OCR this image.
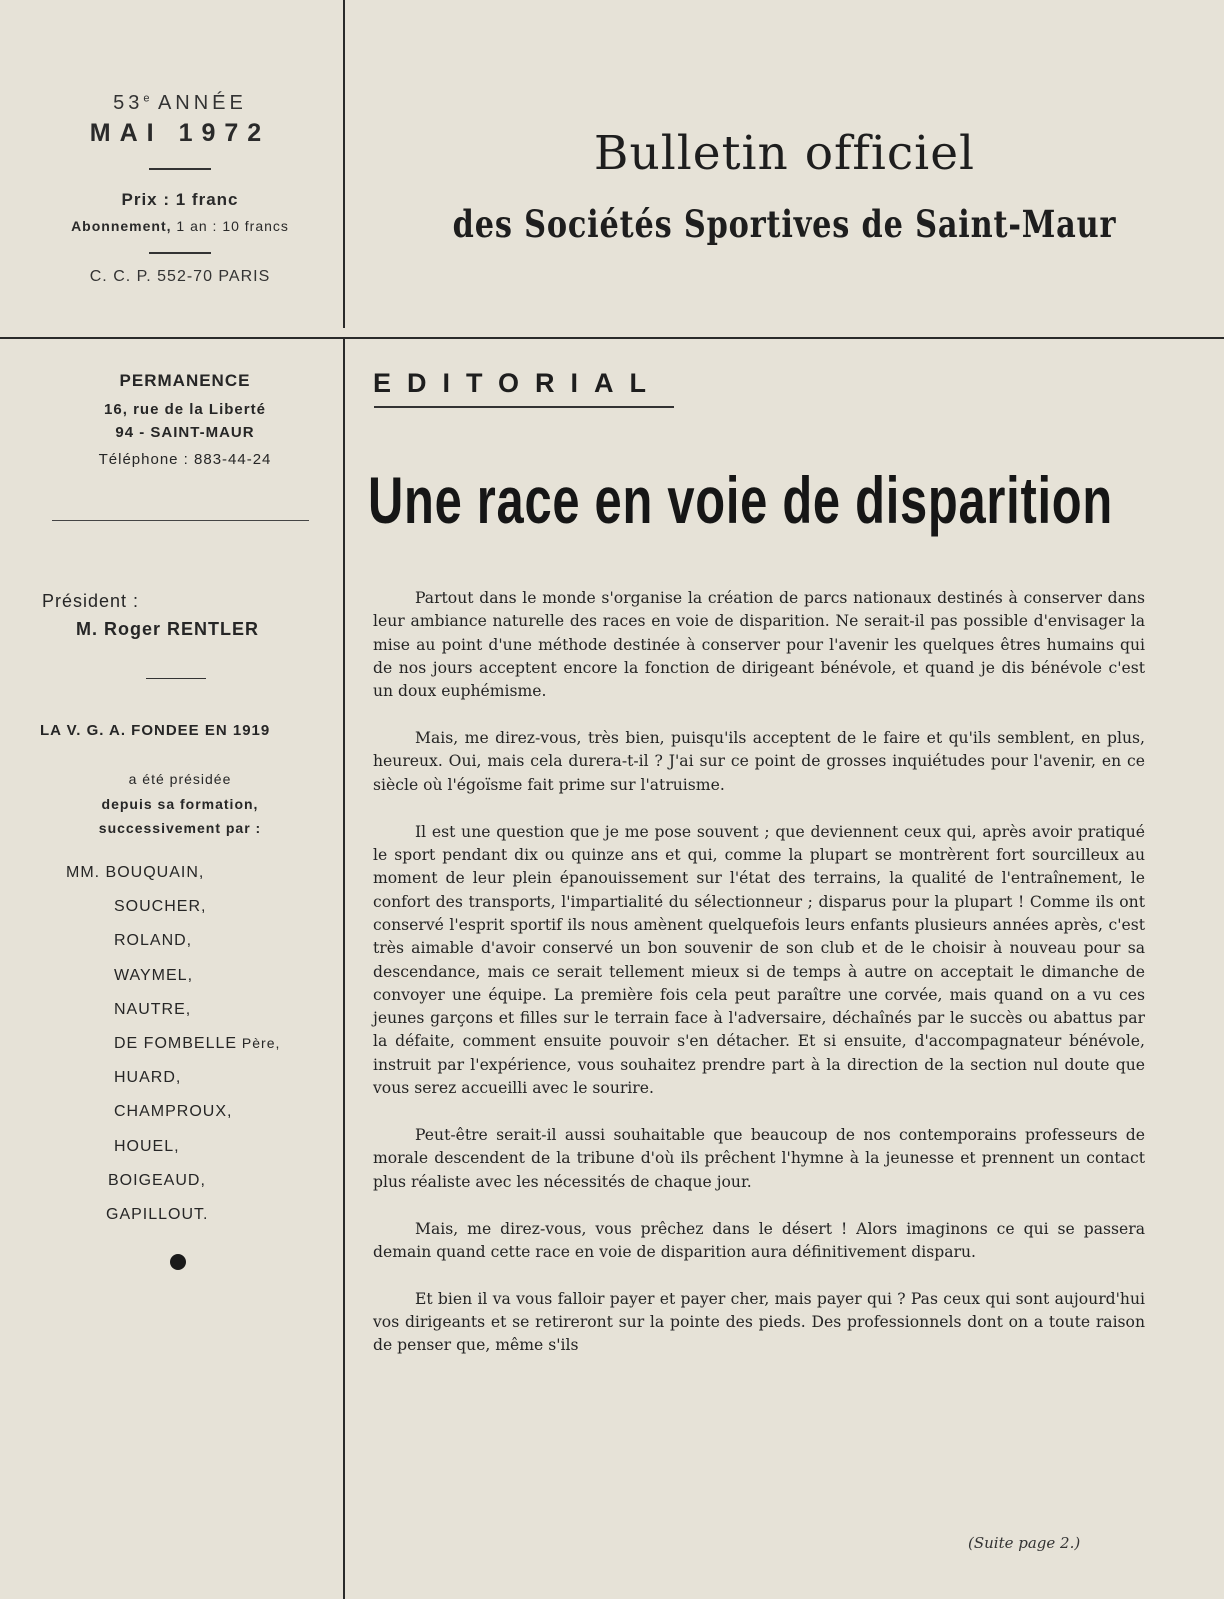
53e ANNÉE
MAI 1972
Prix : 1 franc
Abonnement, 1 an : 10 francs
C. C. P. 552-70 PARIS
Bulletin officiel
des Sociétés Sportives de Saint-Maur
PERMANENCE
16, rue de la Liberté
94 - SAINT-MAUR
Téléphone : 883-44-24
Président :
M. Roger RENTLER
LA V. G. A. FONDEE EN 1919
a été présidée
depuis sa formation,
successivement par :
MM. BOUQUAIN,
SOUCHER,
ROLAND,
WAYMEL,
NAUTRE,
DE FOMBELLE Père,
HUARD,
CHAMPROUX,
HOUEL,
BOIGEAUD,
GAPILLOUT.
EDITORIAL
Une race en voie de disparition

Partout dans le monde s'organise la création de parcs nationaux destinés à conserver dans leur ambiance naturelle des races en voie de disparition. Ne serait-il pas possible d'envisager la mise au point d'une méthode destinée à conserver pour l'avenir les quelques êtres humains qui de nos jours acceptent encore la fonction de dirigeant bénévole, et quand je dis bénévole c'est un doux euphémisme.

Mais, me direz-vous, très bien, puisqu'ils acceptent de le faire et qu'ils semblent, en plus, heureux. Oui, mais cela durera-t-il ? J'ai sur ce point de grosses inquiétudes pour l'avenir, en ce siècle où l'égoïsme fait prime sur l'atruisme.

Il est une question que je me pose souvent ; que deviennent ceux qui, après avoir pratiqué le sport pendant dix ou quinze ans et qui, comme la plupart se montrèrent fort sourcilleux au moment de leur plein épanouissement sur l'état des terrains, la qualité de l'entraînement, le confort des transports, l'impartialité du sélectionneur ; disparus pour la plupart ! Comme ils ont conservé l'esprit sportif ils nous amènent quelquefois leurs enfants plusieurs années après, c'est très aimable d'avoir conservé un bon souvenir de son club et de le choisir à nouveau pour sa descendance, mais ce serait tellement mieux si de temps à autre on acceptait le dimanche de convoyer une équipe. La première fois cela peut paraître une corvée, mais quand on a vu ces jeunes garçons et filles sur le terrain face à l'adversaire, déchaînés par le succès ou abattus par la défaite, comment ensuite pouvoir s'en détacher. Et si ensuite, d'accompagnateur bénévole, instruit par l'expérience, vous souhaitez prendre part à la direction de la section nul doute que vous serez accueilli avec le sourire.

Peut-être serait-il aussi souhaitable que beaucoup de nos contemporains professeurs de morale descendent de la tribune d'où ils prêchent l'hymne à la jeunesse et prennent un contact plus réaliste avec les nécessités de chaque jour.

Mais, me direz-vous, vous prêchez dans le désert ! Alors imaginons ce qui se passera demain quand cette race en voie de disparition aura définitivement disparu.

Et bien il va vous falloir payer et payer cher, mais payer qui ? Pas ceux qui sont aujourd'hui vos dirigeants et se retireront sur la pointe des pieds. Des professionnels dont on a toute raison de penser que, même s'ils

(Suite page 2.)
